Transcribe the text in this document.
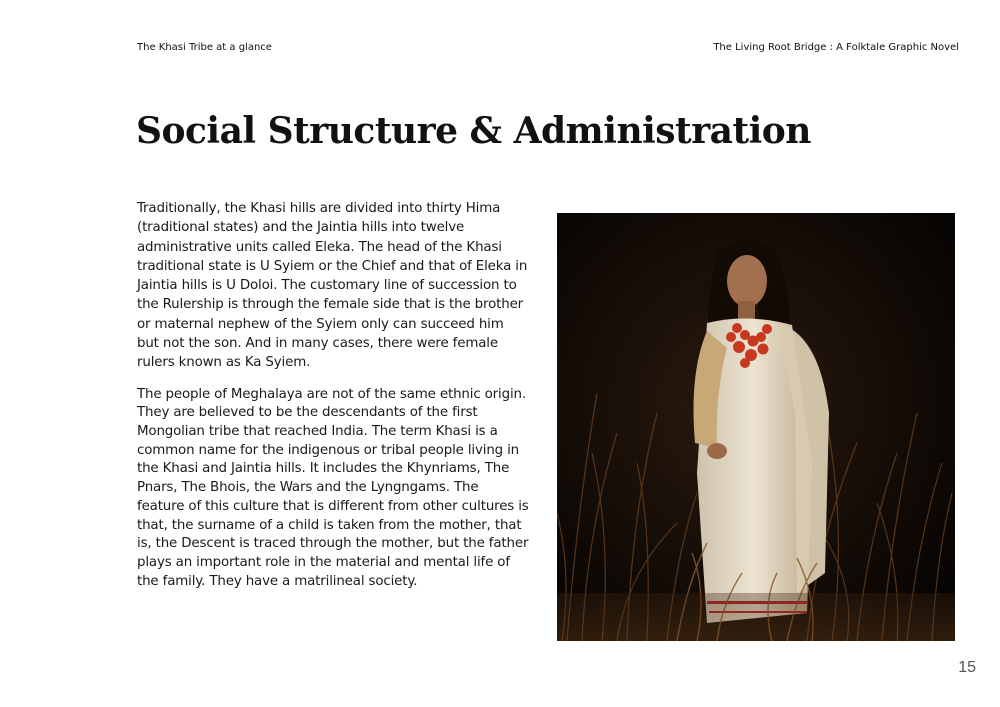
The Khasi Tribe at a glance	The Living Root Bridge : A Folktale Graphic Novel
Social Structure & Administration

Traditionally, the Khasi hills are divided into thirty Hima (traditional states) and the Jaintia hills into twelve administrative units called Eleka. The head of the Khasi traditional state is U Syiem or the Chief and that of Eleka in Jaintia hills is U Doloi. The customary line of succession to the Rulership is through the female side that is the brother or maternal nephew of the Syiem only can succeed him but not the son. And in many cases, there were female rulers known as Ka Syiem.

The people of Meghalaya are not of the same ethnic origin. They are believed to be the descendants of the first Mongolian tribe that reached India. The term Khasi is a common name for the indigenous or tribal people living in the Khasi and Jaintia hills. It includes the Khynriams, The Pnars, The Bhois, the Wars and the Lyngngams. The feature of this culture that is different from other cultures is that, the surname of a child is taken from the mother, that is, the Descent is traced through the mother, but the father plays an important role in the material and mental life of the family. They have a matrilineal society.

15
